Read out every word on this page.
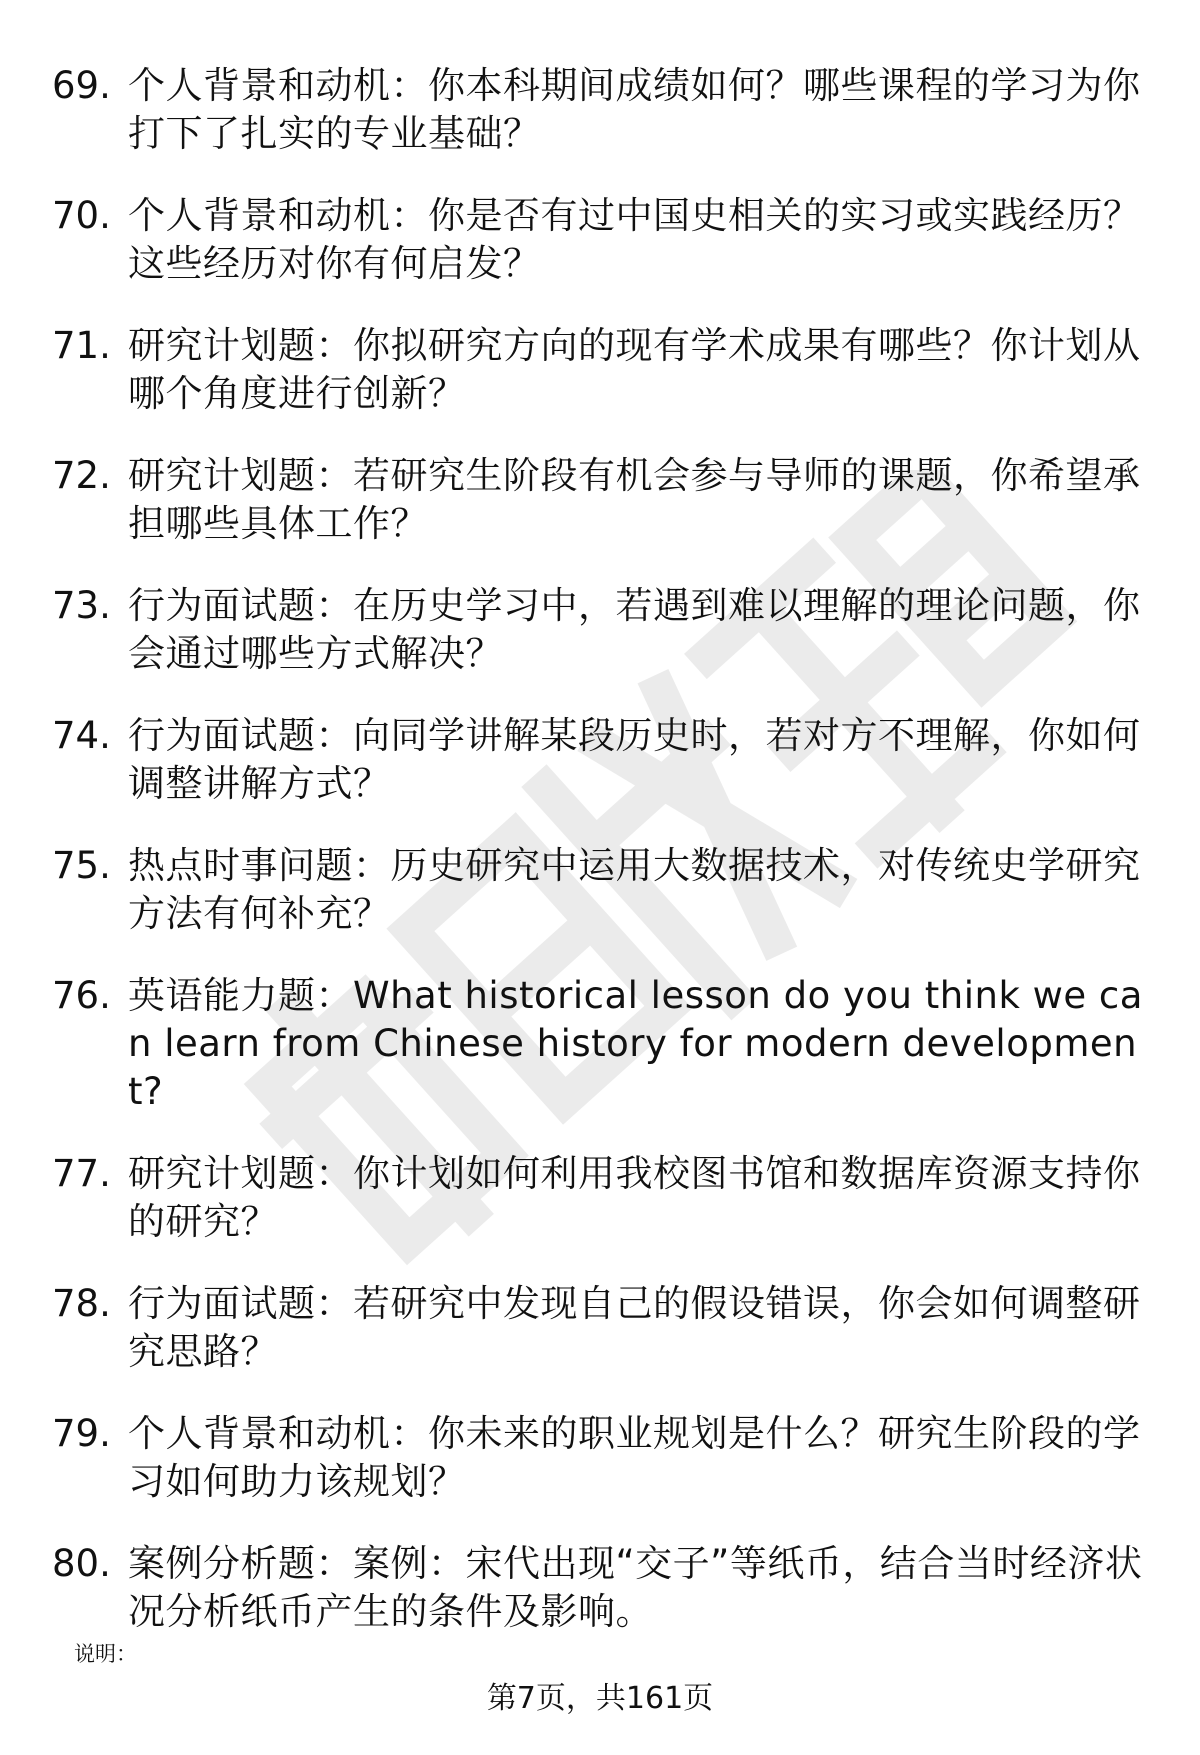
69. 个人背景和动机：你本科期间成绩如何？哪些课程的学习为你打下了扎实的专业基础？
70. 个人背景和动机：你是否有过中国史相关的实习或实践经历？这些经历对你有何启发？
71. 研究计划题：你拟研究方向的现有学术成果有哪些？你计划从哪个角度进行创新？
72. 研究计划题：若研究生阶段有机会参与导师的课题，你希望承担哪些具体工作？
73. 行为面试题：在历史学习中，若遇到难以理解的理论问题，你会通过哪些方式解决？
74. 行为面试题：向同学讲解某段历史时，若对方不理解，你如何调整讲解方式？
75. 热点时事问题：历史研究中运用大数据技术，对传统史学研究方法有何补充？
76. 英语能力题：What historical lesson do you think we can learn from Chinese history for modern development?
77. 研究计划题：你计划如何利用我校图书馆和数据库资源支持你的研究？
78. 行为面试题：若研究中发现自己的假设错误，你会如何调整研究思路？
79. 个人背景和动机：你未来的职业规划是什么？研究生阶段的学习如何助力该规划？
80. 案例分析题：案例：宋代出现“交子”等纸币，结合当时经济状况分析纸币产生的条件及影响。
说明：
第7页，共161页
